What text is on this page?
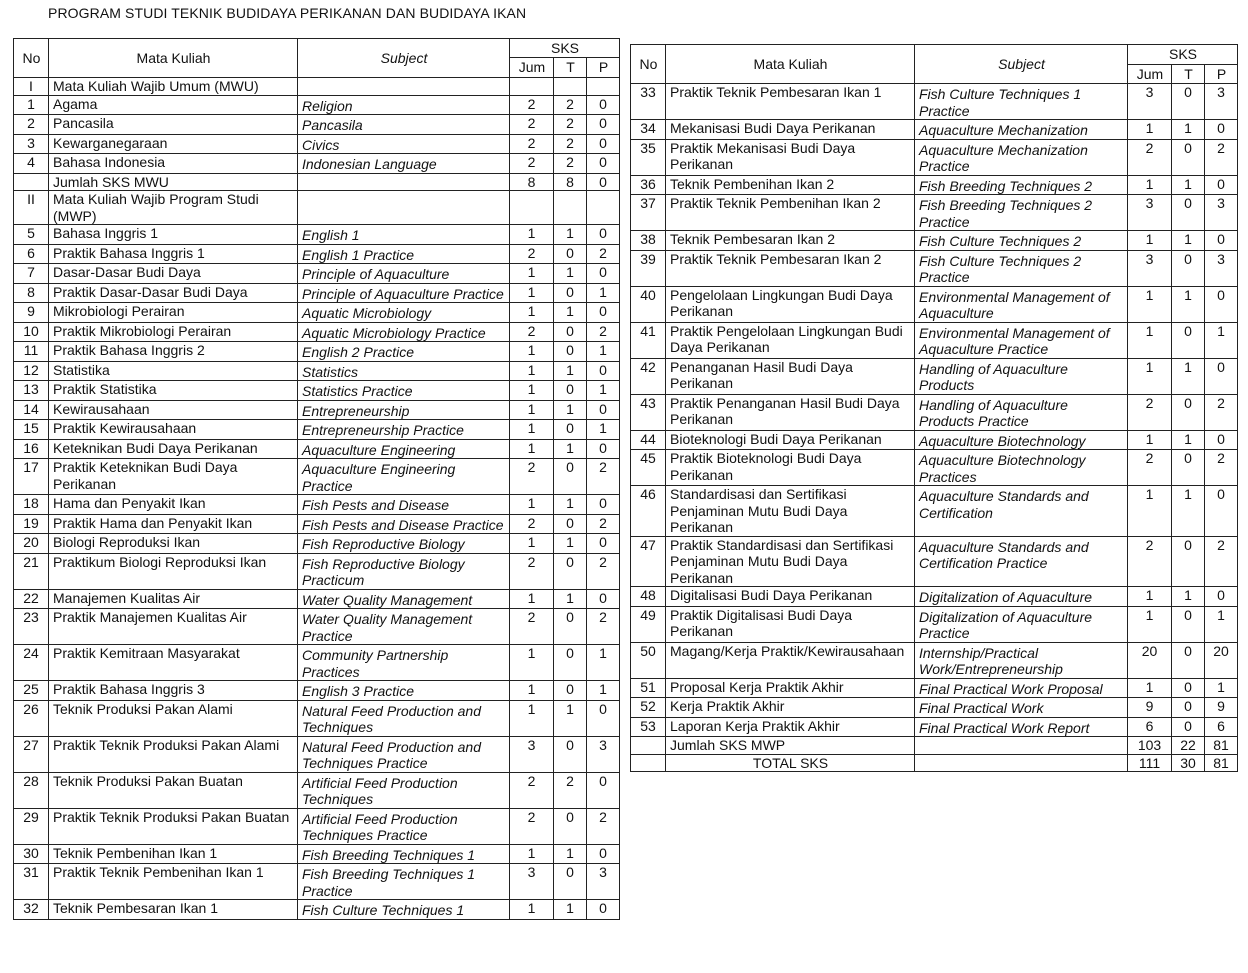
PROGRAM STUDI TEKNIK BUDIDAYA PERIKANAN DAN BUDIDAYA IKAN
No	Mata Kuliah	Subject	SKS		
			Jum	T	P
I	Mata Kuliah Wajib Umum (MWU)				
1	Agama	Religion	2	2	0
2	Pancasila	Pancasila	2	2	0
3	Kewarganegaraan	Civics	2	2	0
4	Bahasa Indonesia	Indonesian Language	2	2	0
	Jumlah SKS MWU		8	8	0
II	Mata Kuliah Wajib Program Studi (MWP)				
5	Bahasa Inggris 1	English 1	1	1	0
6	Praktik Bahasa Inggris 1	English 1 Practice	2	0	2
7	Dasar-Dasar Budi Daya	Principle of Aquaculture	1	1	0
8	Praktik Dasar-Dasar Budi Daya	Principle of Aquaculture Practice	1	0	1
9	Mikrobiologi Perairan	Aquatic Microbiology	1	1	0
10	Praktik Mikrobiologi Perairan	Aquatic Microbiology Practice	2	0	2
11	Praktik Bahasa Inggris 2	English 2 Practice	1	0	1
12	Statistika	Statistics	1	1	0
13	Praktik Statistika	Statistics Practice	1	0	1
14	Kewirausahaan	Entrepreneurship	1	1	0
15	Praktik Kewirausahaan	Entrepreneurship Practice	1	0	1
16	Keteknikan Budi Daya Perikanan	Aquaculture Engineering	1	1	0
17	Praktik Keteknikan Budi Daya Perikanan	Aquaculture Engineering Practice	2	0	2
18	Hama dan Penyakit Ikan	Fish Pests and Disease	1	1	0
19	Praktik Hama dan Penyakit Ikan	Fish Pests and Disease Practice	2	0	2
20	Biologi Reproduksi Ikan	Fish Reproductive Biology	1	1	0
21	Praktikum Biologi Reproduksi Ikan	Fish Reproductive Biology Practicum	2	0	2
22	Manajemen Kualitas Air	Water Quality Management	1	1	0
23	Praktik Manajemen Kualitas Air	Water Quality Management Practice	2	0	2
24	Praktik Kemitraan Masyarakat	Community Partnership Practices	1	0	1
25	Praktik Bahasa Inggris 3	English 3 Practice	1	0	1
26	Teknik Produksi Pakan Alami	Natural Feed Production and Techniques	1	1	0
27	Praktik Teknik Produksi Pakan Alami	Natural Feed Production and Techniques Practice	3	0	3
28	Teknik Produksi Pakan Buatan	Artificial Feed Production Techniques	2	2	0
29	Praktik Teknik Produksi Pakan Buatan	Artificial Feed Production Techniques Practice	2	0	2
30	Teknik Pembenihan Ikan 1	Fish Breeding Techniques 1	1	1	0
31	Praktik Teknik Pembenihan Ikan 1	Fish Breeding Techniques 1 Practice	3	0	3
32	Teknik Pembesaran Ikan 1	Fish Culture Techniques 1	1	1	0
No	Mata Kuliah	Subject	SKS		
			Jum	T	P
33	Praktik Teknik Pembesaran Ikan 1	Fish Culture Techniques 1 Practice	3	0	3
34	Mekanisasi Budi Daya Perikanan	Aquaculture Mechanization	1	1	0
35	Praktik Mekanisasi Budi Daya Perikanan	Aquaculture Mechanization Practice	2	0	2
36	Teknik Pembenihan Ikan 2	Fish Breeding Techniques 2	1	1	0
37	Praktik Teknik Pembenihan Ikan 2	Fish Breeding Techniques 2 Practice	3	0	3
38	Teknik Pembesaran Ikan 2	Fish Culture Techniques 2	1	1	0
39	Praktik Teknik Pembesaran Ikan 2	Fish Culture Techniques 2 Practice	3	0	3
40	Pengelolaan Lingkungan Budi Daya Perikanan	Environmental Management of Aquaculture	1	1	0
41	Praktik Pengelolaan Lingkungan Budi Daya Perikanan	Environmental Management of Aquaculture Practice	1	0	1
42	Penanganan Hasil Budi Daya Perikanan	Handling of Aquaculture Products	1	1	0
43	Praktik Penanganan Hasil Budi Daya Perikanan	Handling of Aquaculture Products Practice	2	0	2
44	Bioteknologi Budi Daya Perikanan	Aquaculture Biotechnology	1	1	0
45	Praktik Bioteknologi Budi Daya Perikanan	Aquaculture Biotechnology Practices	2	0	2
46	Standardisasi dan Sertifikasi Penjaminan Mutu Budi Daya Perikanan	Aquaculture Standards and Certification	1	1	0
47	Praktik Standardisasi dan Sertifikasi Penjaminan Mutu Budi Daya Perikanan	Aquaculture Standards and Certification Practice	2	0	2
48	Digitalisasi Budi Daya Perikanan	Digitalization of Aquaculture	1	1	0
49	Praktik Digitalisasi Budi Daya Perikanan	Digitalization of Aquaculture Practice	1	0	1
50	Magang/Kerja Praktik/Kewirausahaan	Internship/Practical Work/Entrepreneurship	20	0	20
51	Proposal Kerja Praktik Akhir	Final Practical Work Proposal	1	0	1
52	Kerja Praktik Akhir	Final Practical Work	9	0	9
53	Laporan Kerja Praktik Akhir	Final Practical Work Report	6	0	6
	Jumlah SKS MWP		103	22	81
	TOTAL SKS		111	30	81
